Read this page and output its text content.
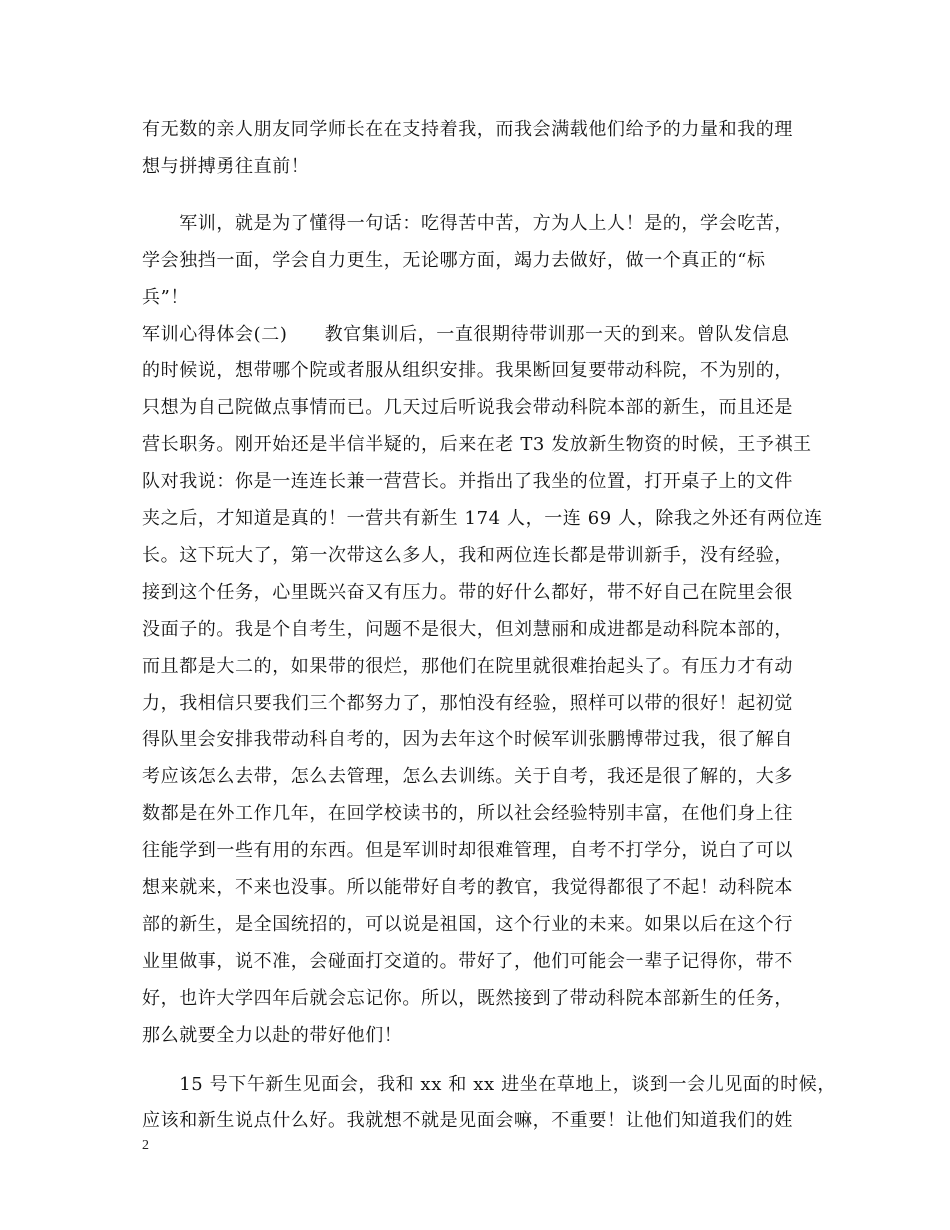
有无数的亲人朋友同学师长在在支持着我，而我会满载他们给予的力量和我的理
想与拼搏勇往直前！
　　军训，就是为了懂得一句话：吃得苦中苦，方为人上人！是的，学会吃苦，
学会独挡一面，学会自力更生，无论哪方面，竭力去做好，做一个真正的“标
兵”！
军训心得体会(二)　　教官集训后，一直很期待带训那一天的到来。曾队发信息
的时候说，想带哪个院或者服从组织安排。我果断回复要带动科院，不为别的，
只想为自己院做点事情而已。几天过后听说我会带动科院本部的新生，而且还是
营长职务。刚开始还是半信半疑的，后来在老 T3 发放新生物资的时候，王予祺王
队对我说：你是一连连长兼一营营长。并指出了我坐的位置，打开桌子上的文件
夹之后，才知道是真的！一营共有新生 174 人，一连 69 人，除我之外还有两位连
长。这下玩大了，第一次带这么多人，我和两位连长都是带训新手，没有经验，
接到这个任务，心里既兴奋又有压力。带的好什么都好，带不好自己在院里会很
没面子的。我是个自考生，问题不是很大，但刘慧丽和成进都是动科院本部的，
而且都是大二的，如果带的很烂，那他们在院里就很难抬起头了。有压力才有动
力，我相信只要我们三个都努力了，那怕没有经验，照样可以带的很好！起初觉
得队里会安排我带动科自考的，因为去年这个时候军训张鹏博带过我，很了解自
考应该怎么去带，怎么去管理，怎么去训练。关于自考，我还是很了解的，大多
数都是在外工作几年，在回学校读书的，所以社会经验特别丰富，在他们身上往
往能学到一些有用的东西。但是军训时却很难管理，自考不打学分，说白了可以
想来就来，不来也没事。所以能带好自考的教官，我觉得都很了不起！动科院本
部的新生，是全国统招的，可以说是祖国，这个行业的未来。如果以后在这个行
业里做事，说不准，会碰面打交道的。带好了，他们可能会一辈子记得你，带不
好，也许大学四年后就会忘记你。所以，既然接到了带动科院本部新生的任务，
那么就要全力以赴的带好他们！
2
　　15 号下午新生见面会，我和 xx 和 xx 进坐在草地上，谈到一会儿见面的时候，
应该和新生说点什么好。我就想不就是见面会嘛，不重要！让他们知道我们的姓
